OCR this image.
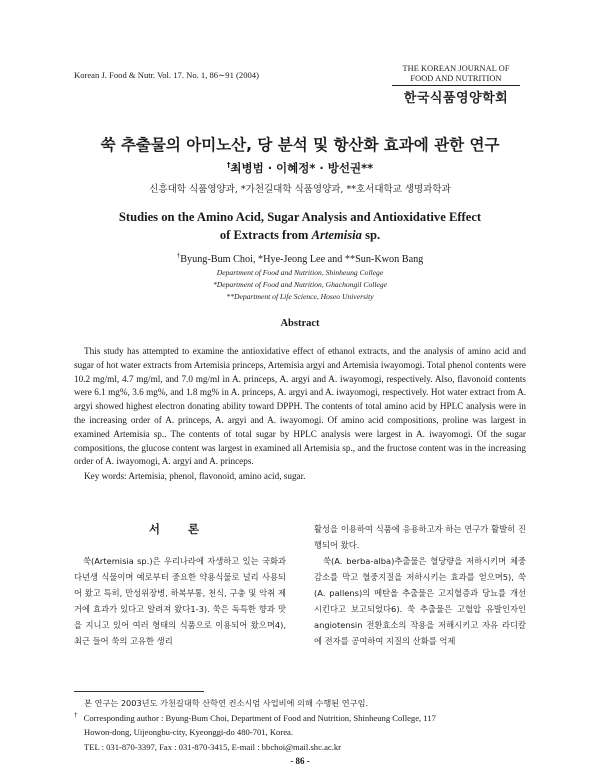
Korean J. Food & Nutr. Vol. 17. No. 1, 86∼91 (2004)
THE KOREAN JOURNAL OF
FOOD AND NUTRITION
한국식품영양학회
쑥 추출물의 아미노산, 당 분석 및 항산화 효과에 관한 연구
†최병범 · 이혜정* · 방선권**
신흥대학 식품영양과, *가천길대학 식품영양과, **호서대학교 생명과학과
Studies on the Amino Acid, Sugar Analysis and Antioxidative Effect
of Extracts from Artemisia sp.
†Byung-Bum Choi, *Hye-Jeong Lee and **Sun-Kwon Bang
Department of Food and Nutrition, Shinheung College
*Department of Food and Nutrition, Ghachongil College
**Department of Life Science, Hoseo University
Abstract

This study has attempted to examine the antioxidative effect of ethanol extracts, and the analysis of amino acid and sugar of hot water extracts from Artemisia princeps, Artemisia argyi and Artemisia iwayomogi. Total phenol contents were 10.2 mg/ml, 4.7 mg/ml, and 7.0 mg/ml in A. princeps, A. argyi and A. iwayomogi, respectively. Also, flavonoid contents were 6.1 mg%, 3.6 mg%, and 1.8 mg% in A. princeps, A. argyi and A. iwayomogi, respectively. Hot water extract from A. argyi showed highest electron donating ability toward DPPH. The contents of total amino acid by HPLC analysis were in the increasing order of A. princeps, A. argyi and A. iwayomogi. Of amino acid compositions, proline was largest in examined Artemisia sp.. The contents of total sugar by HPLC analysis were largest in A. iwayomogi. Of the sugar compositions, the glucose content was largest in examined all Artemisia sp., and the fructose content was in the increasing order of A. iwayomogi, A. argyi and A. princeps.

Key words: Artemisia, phenol, flavonoid, amino acid, sugar.

서 론

쑥(Artemisia sp.)은 우리나라에 자생하고 있는 국화과 다년생 식물이며 예로부터 중요한 약용식물로 널리 사용되어 왔고 특히, 만성위장병, 하복부통, 천식, 구충 및 악취 제거에 효과가 있다고 알려져 왔다1-3). 쑥은 독특한 향과 맛을 지니고 있어 여러 형태의 식품으로 이용되어 왔으며4), 최근 들어 쑥의 고유한 생리

활성을 이용하여 식품에 응용하고자 하는 연구가 활발히 진행되어 왔다.

쑥(A. berba-alba)추출물은 혈당량을 저하시키며 체중감소를 막고 혈중지질을 저하시키는 효과를 얻으며5), 쑥(A. pallens)의 메탄올 추출물은 고지혈증과 당뇨를 개선시킨다고 보고되었다6). 쑥 추출물은 고혈압 유발인자인 angiotensin 전환효소의 작용을 저해시키고 자유 라디칼에 전자를 공여하여 지질의 산화를 억제

본 연구는 2003년도 가천길대학 산학연 컨소시엄 사업비에 의해 수행된 연구임.
† Corresponding author : Byung-Bum Choi, Department of Food and Nutrition, Shinheung College, 117
Howon-dong, Uijeongbu-city, Kyeonggi-do 480-701, Korea.
TEL : 031-870-3397, Fax : 031-870-3415, E-mail : bbchoi@mail.shc.ac.kr
- 86 -
